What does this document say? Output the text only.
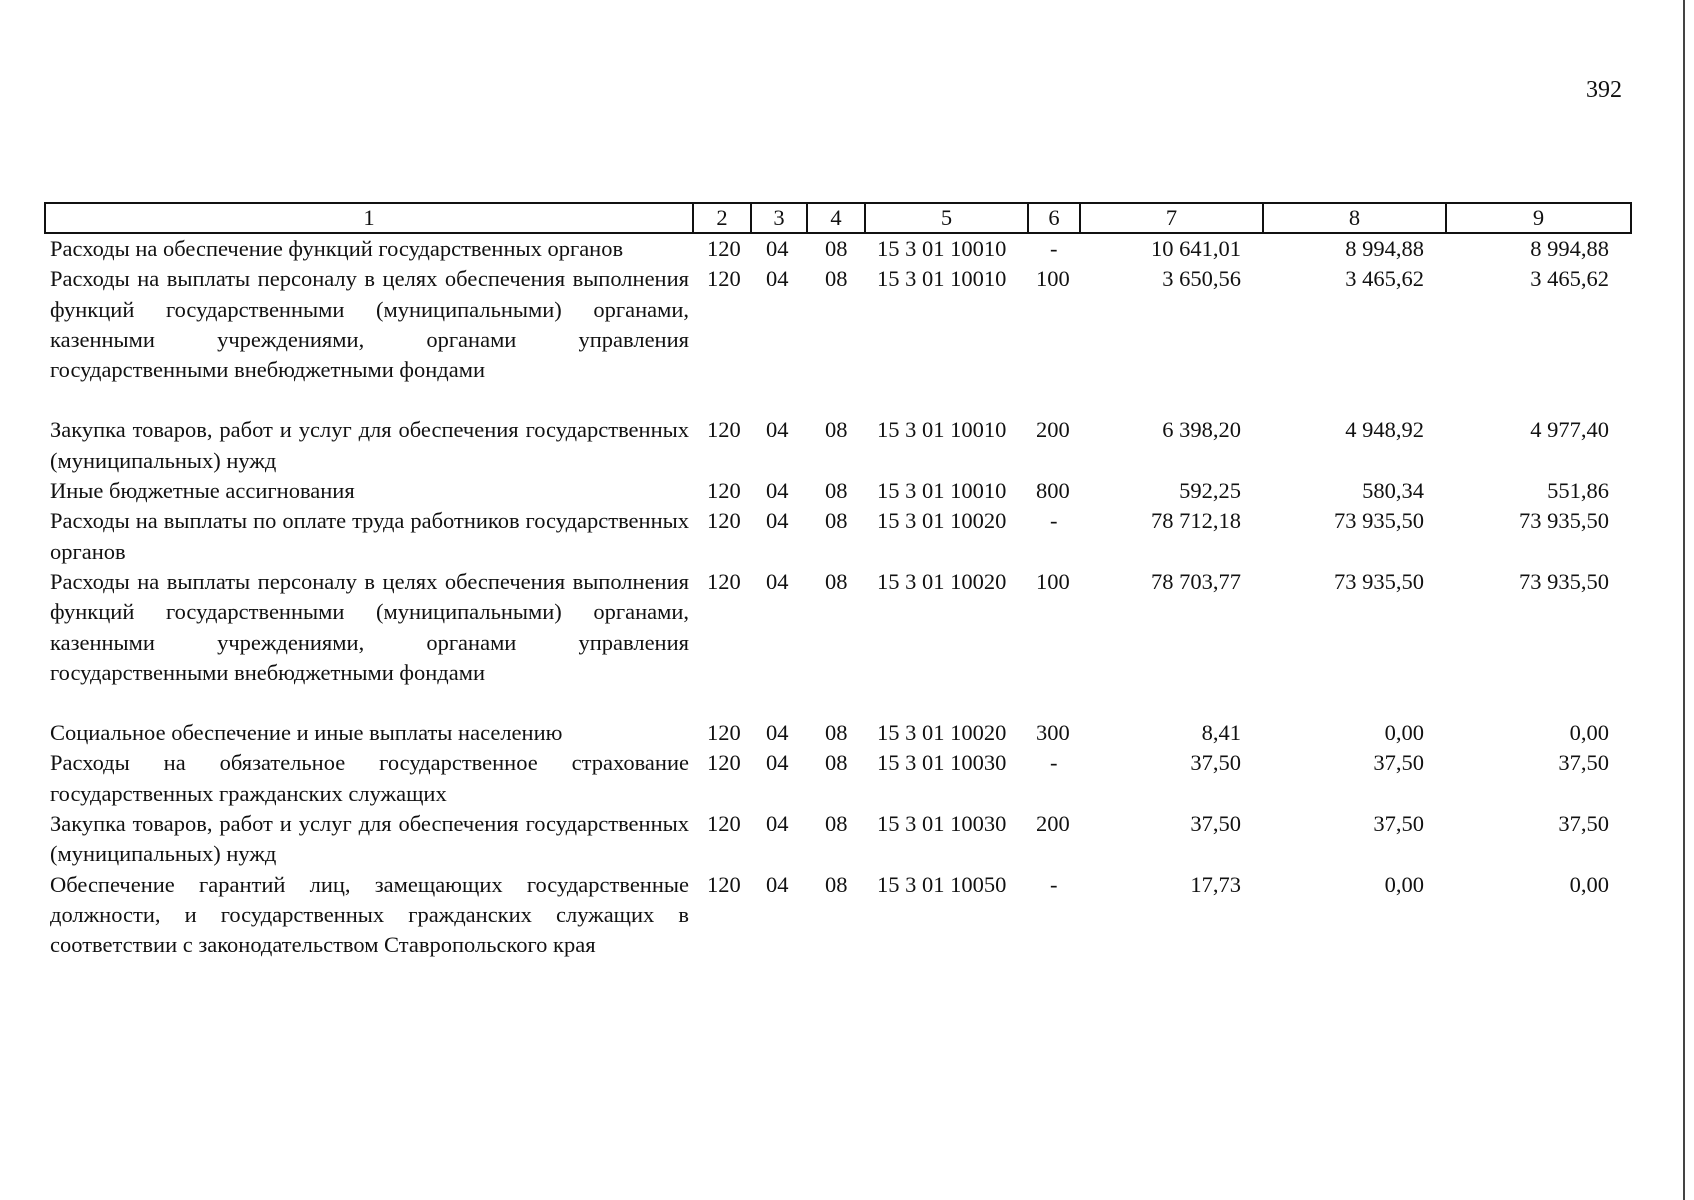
392
1	2	3	4	5	6	7	8	9
Расходы на обеспечение функций государственных органов	120	04	08	15 3 01 10010	-	10 641,01	8 994,88	8 994,88
Расходы на выплаты персоналу в целях обеспечения выполнения функций государственными (муниципальными) органами, казенными учреждениями, органами управления государственными внебюджетными фондами	120	04	08	15 3 01 10010	100	3 650,56	3 465,62	3 465,62
Закупка товаров, работ и услуг для обеспечения государственных (муниципальных) нужд	120	04	08	15 3 01 10010	200	6 398,20	4 948,92	4 977,40
Иные бюджетные ассигнования	120	04	08	15 3 01 10010	800	592,25	580,34	551,86
Расходы на выплаты по оплате труда работников государственных органов	120	04	08	15 3 01 10020	-	78 712,18	73 935,50	73 935,50
Расходы на выплаты персоналу в целях обеспечения выполнения функций государственными (муниципальными) органами, казенными учреждениями, органами управления государственными внебюджетными фондами	120	04	08	15 3 01 10020	100	78 703,77	73 935,50	73 935,50
Социальное обеспечение и иные выплаты населению	120	04	08	15 3 01 10020	300	8,41	0,00	0,00
Расходы на обязательное государственное страхование государственных гражданских служащих	120	04	08	15 3 01 10030	-	37,50	37,50	37,50
Закупка товаров, работ и услуг для обеспечения государственных (муниципальных) нужд	120	04	08	15 3 01 10030	200	37,50	37,50	37,50
Обеспечение гарантий лиц, замещающих государственные должности, и государственных гражданских служащих в соответствии с законодательством Ставропольского края	120	04	08	15 3 01 10050	-	17,73	0,00	0,00
